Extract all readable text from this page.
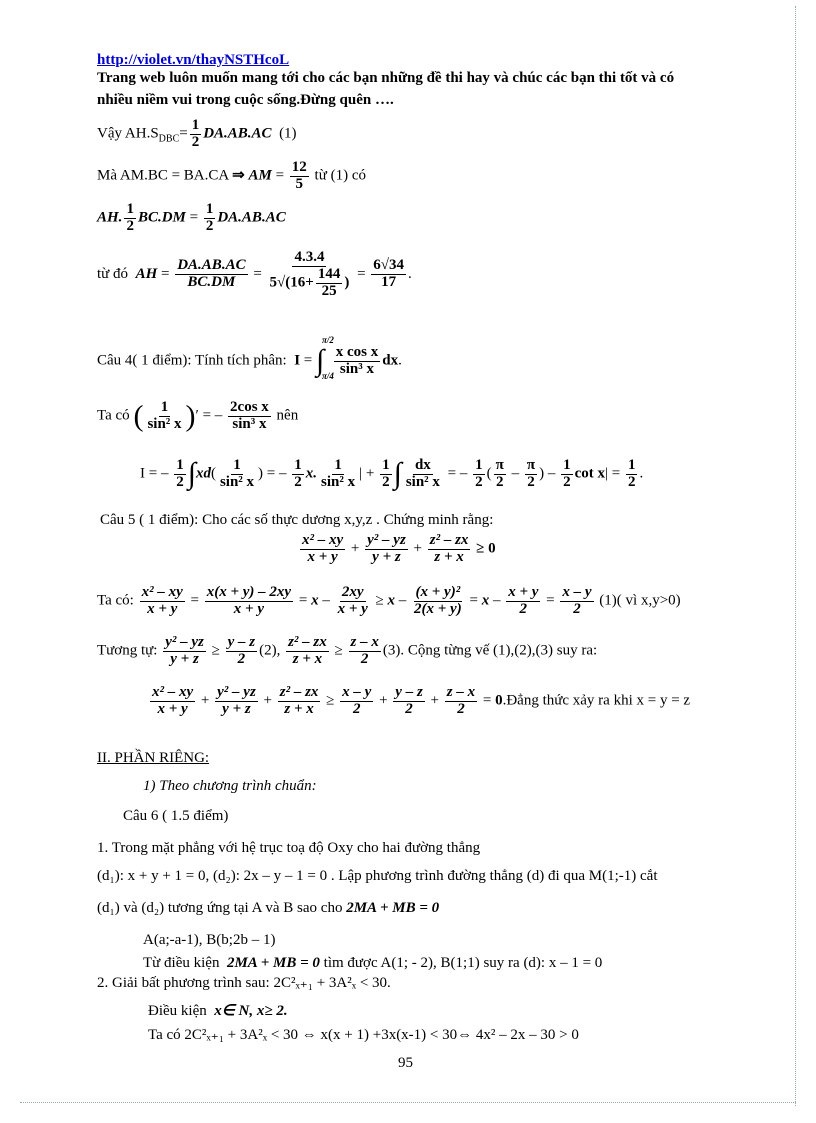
http://violet.vn/thayNSTHcoL
Trang web luôn muốn mang tới cho các bạn những đề thi hay và chúc các bạn thi tốt và có
nhiều niềm vui trong cuộc sống.Đừng quên ….
Vậy $AH.S_{DBC}= \frac{1}{2} DA.AB.AC$ (1)
Mà AM.BC = BA.CA ⇒ AM = $\frac{12}{5}$ từ (1) có
AH. $\frac{1}{2} BC.DM = \frac{1}{2} DA.AB.AC$
từ đó AH = $\frac{DA.AB.AC}{BC.DM} = \frac{4.3.4}{5√(16+ \frac{144}{25} )} = \frac{6√34}{17}$ .
Câu 4( 1 điểm): Tính tích phân: I = ∫
π/2
π/4
$\frac{\text{x cos x}}{\text{sin³ x}}$ dx.
Ta có ( $\frac{1}{\text{sin² x}}$ )′ = – $\frac{\text{2cos x}}{\text{sin³ x}}$ nên
I = – $\frac{1}{2} \int xd( \frac{1}{\text{sin² x}}$ ) = – $\frac{1}{2} x$. $\frac{1}{\text{sin² x}}$ | + $\frac{1}{2}$ ∫ $\frac{dx}{\text{sin² x}}$ = – $\frac{1}{2}$ ( $\frac{\pi}{2} - \frac{\pi}{2}$ ) – $\frac{1}{2}$ $\cot x| = \frac{1}{2}$ .
Câu 5 ( 1 điểm): Cho các số thực dương x,y,z . Chứng minh rằng:
$\frac{\text{x² – xy}}{x + y} + \frac{\text{y² – yz}}{y + z} + \frac{\text{z² – zx}}{z + x} \ge 0$
Ta có: $\frac{\text{x² – xy}}{x + y} = \frac{x(x + y) - 2xy}{x + y} = x - \frac{2xy}{x + y} \ge x - \frac{\text{(x + y)²}}{2(x + y)} = x - \frac{x + y}{2} = \frac{x - y}{2} (1)$( vì x,y>0)
Tương tự: $\frac{\text{y² – yz}}{y + z} \ge \frac{y - z}{2} (2)$, $\frac{\text{z² – zx}}{z + x} \ge \frac{z - x}{2} (3)$. Cộng từng vế (1),(2),(3) suy ra:
$\frac{\text{x² – xy}}{x + y} + \frac{\text{y² – yz}}{y + z} + \frac{\text{z² – zx}}{z + x} \ge \frac{x - y}{2} + \frac{y - z}{2} + \frac{z - x}{2}$ = 0.Đẳng thức xảy ra khi x = y = z
II. PHẦN RIÊNG:
1) Theo chương trình chuẩn:
Câu 6 ( 1.5 điểm)
1. Trong mặt phẳng với hệ trục toạ độ Oxy cho hai đường thẳng
(d₁): x + y + 1 = 0, (d₂): 2x – y – 1 = 0 . Lập phương trình đường thẳng (d) đi qua M(1;-1) cắt
(d₁) và (d₂) tương ứng tại A và B sao cho 2MA + MB = 0
A(a;-a-1), B(b;2b – 1)
Từ điều kiện 2MA + MB = 0 tìm được A(1; - 2), B(1;1) suy ra (d): x – 1 = 0
2. Giải bất phương trình sau: 2C²ₓ₊₁ + 3A²ₓ < 30.
Điều kiện x∈ N, x≥ 2.
Ta có 2C²ₓ₊₁ + 3A²ₓ < 30 ⇔ x(x + 1) +3x(x-1) < 30⇔ 4x² – 2x – 30 > 0
95
